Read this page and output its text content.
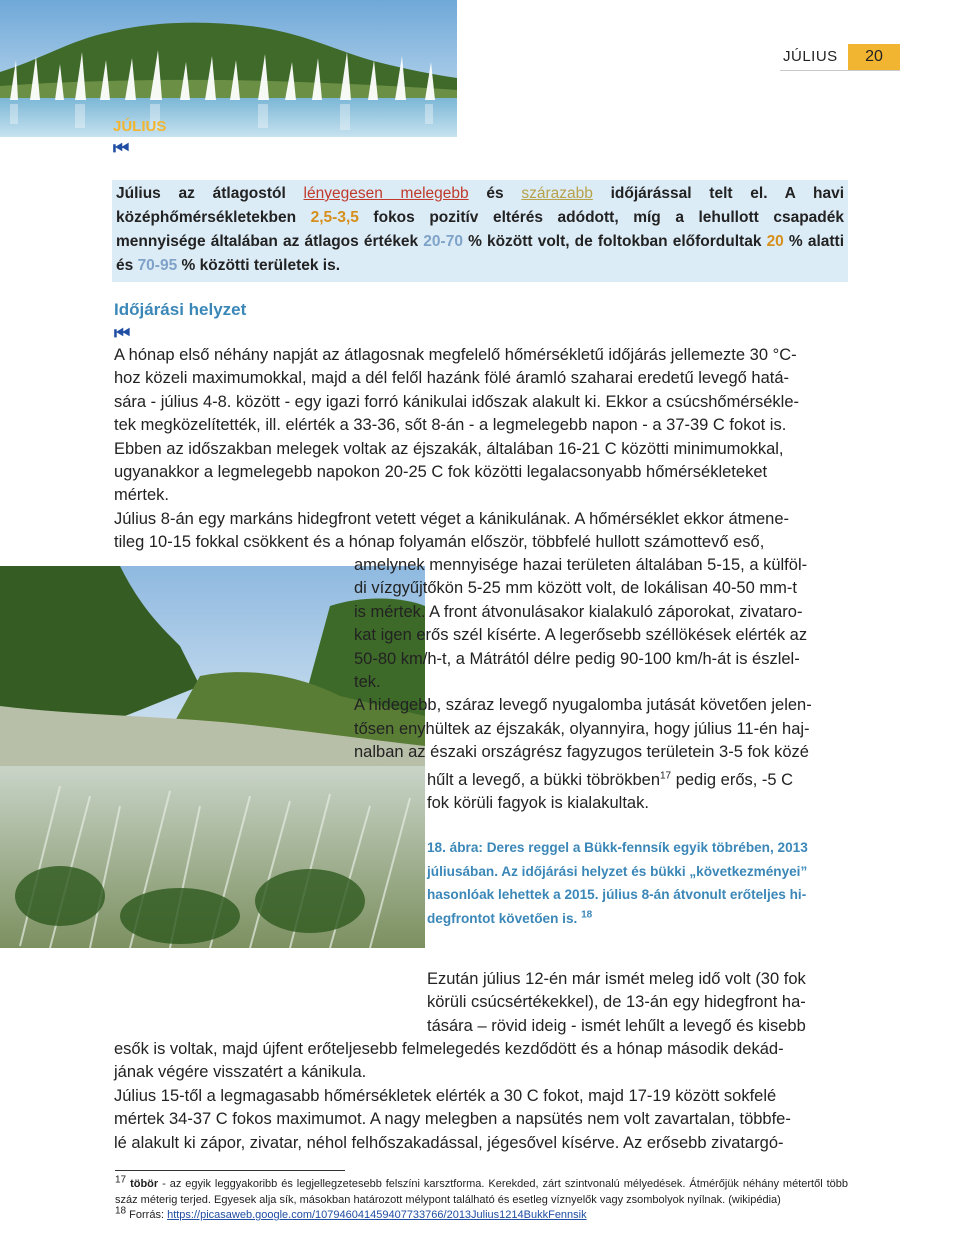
JÚLIUS
⏮
JÚLIUS	20
Július az átlagostól lényegesen melegebb és szárazabb időjárással telt el. A havi középhőmérsékletekben 2,5-3,5 fokos pozitív eltérés adódott, míg a lehullott csapadék mennyisége általában az átlagos értékek 20-70 % között volt, de foltokban előfordultak 20 % alatti és 70-95 % közötti területek is.
Időjárási helyzet
⏮
A hónap első néhány napját az átlagosnak megfelelő hőmérsékletű időjárás jellemezte 30 °C-
hoz közeli maximumokkal, majd a dél felől hazánk fölé áramló szaharai eredetű levegő hatá-
sára - július 4-8. között - egy igazi forró kánikulai időszak alakult ki. Ekkor a csúcshőmérsékle-
tek megközelítették, ill. elérték a 33-36, sőt 8-án - a legmelegebb napon - a 37-39 C fokot is.
Ebben az időszakban melegek voltak az éjszakák, általában 16-21 C közötti minimumokkal,
ugyanakkor a legmelegebb napokon 20-25 C fok közötti legalacsonyabb hőmérsékleteket
mértek.
Július 8-án egy markáns hidegfront vetett véget a kánikulának. A hőmérséklet ekkor átmene-
tileg 10-15 fokkal csökkent és a hónap folyamán először, többfelé hullott számottevő eső,
amelynek mennyisége hazai területen általában 5-15, a külföl-
di vízgyűjtőkön 5-25 mm között volt, de lokálisan 40-50 mm-t
is mértek. A front átvonulásakor kialakuló záporokat, zivataro-
kat igen erős szél kísérte. A legerősebb széllökések elérték az
50-80 km/h-t, a Mátrától délre pedig 90-100 km/h-át is észlel-
tek.
A hidegebb, száraz levegő nyugalomba jutását követően jelen-
tősen enyhültek az éjszakák, olyannyira, hogy július 11-én haj-
nalban az északi országrész fagyzugos területein 3-5 fok közé
hűlt a levegő, a bükki töbrökben$^{17}$ pedig erős, -5 C
fok körüli fagyok is kialakultak.
18. ábra: Deres reggel a Bükk-fennsík egyik töbrében, 2013
júliusában. Az időjárási helyzet és bükki „következményei”
hasonlóak lehettek a 2015. július 8-án átvonult erőteljes hi-
degfrontot követően is. $^{18}$
Ezután július 12-én már ismét meleg idő volt (30 fok
körüli csúcsértékekkel), de 13-án egy hidegfront ha-
tására – rövid ideig - ismét lehűlt a levegő és kisebb
esők is voltak, majd újfent erőteljesebb felmelegedés kezdődött és a hónap második dekád-
jának végére visszatért a kánikula.
Július 15-től a legmagasabb hőmérsékletek elérték a 30 C fokot, majd 17-19 között sokfelé
mértek 34-37 C fokos maximumot. A nagy melegben a napsütés nem volt zavartalan, többfe-
lé alakult ki zápor, zivatar, néhol felhőszakadással, jégesővel kísérve. Az erősebb zivatargó-
$^{17}$ töbör - az egyik leggyakoribb és legjellegzetesebb felszíni karsztforma. Kerekded, zárt szintvonalú mélyedések. Átmérőjük néhány métertől több száz méterig terjed. Egyesek alja sík, másokban határozott mélypont található és esetleg víznyelők vagy zsombolyok nyílnak. (wikipédia)
$^{18}$ Forrás: https://picasaweb.google.com/107946041459407733766/2013Julius1214BukkFennsik
